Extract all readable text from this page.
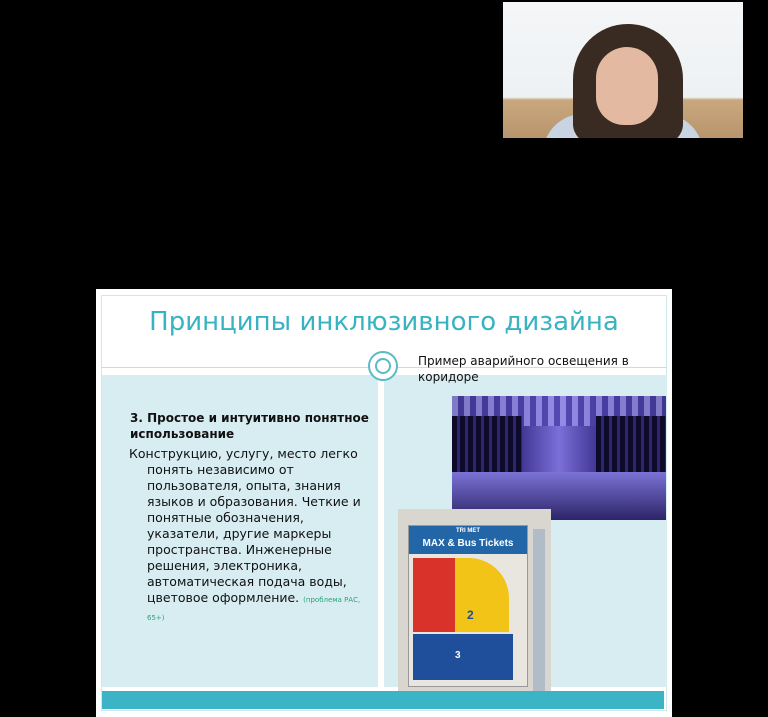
Принципы инклюзивного дизайна
Пример аварийного освещения в коридоре
3. Простое и интуитивно понятное использование
Конструкцию, услугу, место легко

понять независимо от
пользователя, опыта, знания
языков и образования. Четкие и
понятные обозначения,
указатели, другие маркеры
пространства. Инженерные
решения, электроника,
автоматическая подача воды,
цветовое оформление. (проблема РАС, 65+)
TRI MET
MAX & Bus Tickets
2
3
